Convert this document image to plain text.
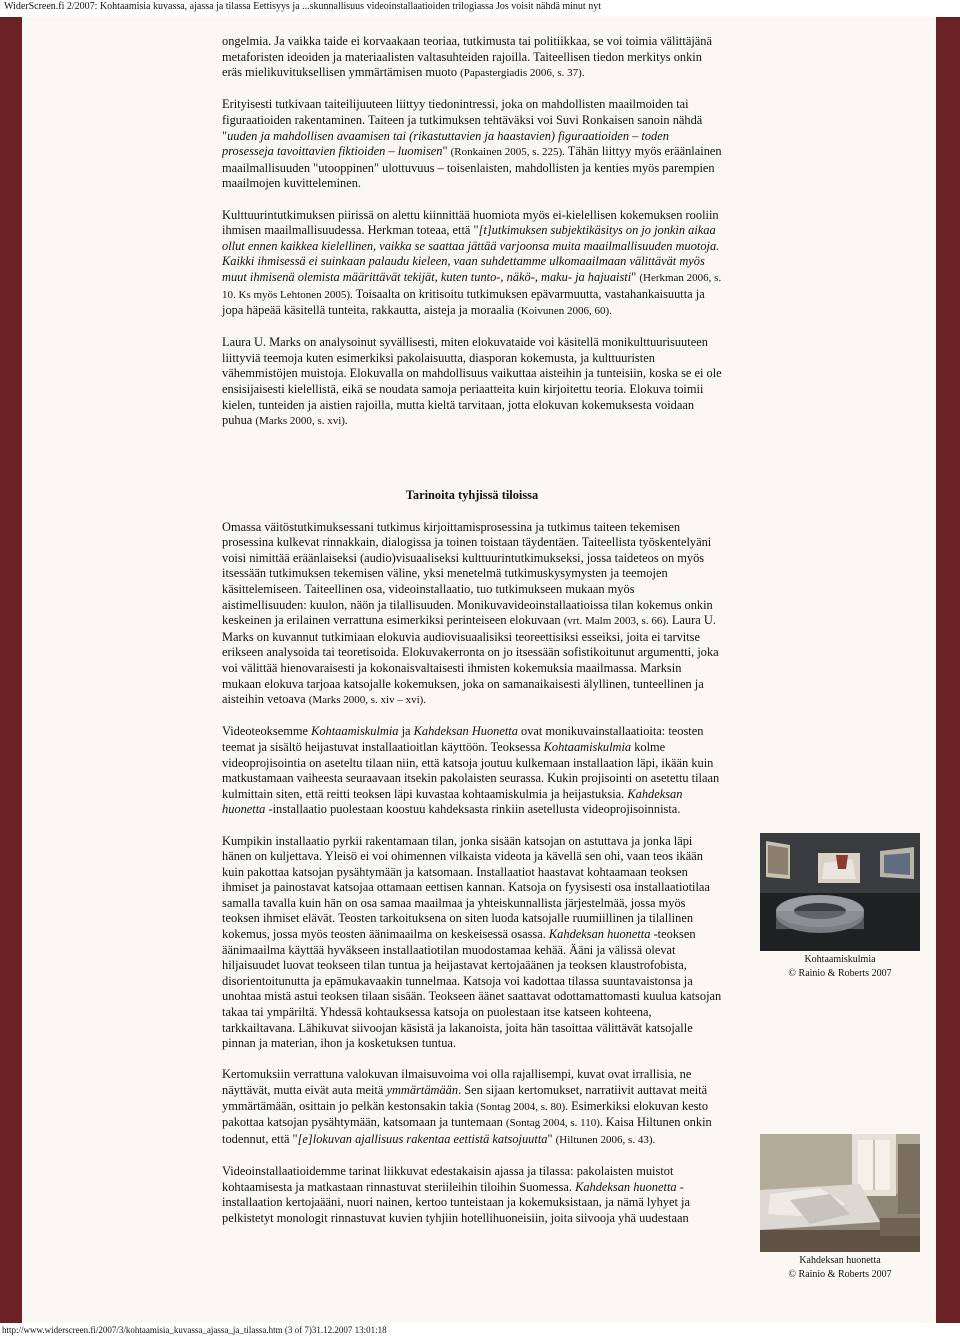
WiderScreen.fi 2/2007: Kohtaamisia kuvassa, ajassa ja tilassa Eettisyys ja ...skunnallisuus videoinstallaatioiden trilogiassa Jos voisit nähdä minut nyt

ongelmia. Ja vaikka taide ei korvaakaan teoriaa, tutkimusta tai politiikkaa, se voi toimia välittäjänä metaforisten ideoiden ja materiaalisten valtasuhteiden rajoilla. Taiteellisen tiedon merkitys onkin eräs mielikuvituksellisen ymmärtämisen muoto (Papastergiadis 2006, s. 37).

Erityisesti tutkivaan taiteilijuuteen liittyy tiedonintressi, joka on mahdollisten maailmoiden tai figuraatioiden rakentaminen. Taiteen ja tutkimuksen tehtäväksi voi Suvi Ronkaisen sanoin nähdä "uuden ja mahdollisen avaamisen tai (rikastuttavien ja haastavien) figuraatioiden – toden prosesseja tavoittavien fiktioiden – luomisen" (Ronkainen 2005, s. 225). Tähän liittyy myös eräänlainen maailmallisuuden "utooppinen" ulottuvuus – toisenlaisten, mahdollisten ja kenties myös parempien maailmojen kuvitteleminen.

Kulttuurintutkimuksen piirissä on alettu kiinnittää huomiota myös ei-kielellisen kokemuksen rooliin ihmisen maailmallisuudessa. Herkman toteaa, että "[t]utkimuksen subjektikäsitys on jo jonkin aikaa ollut ennen kaikkea kielellinen, vaikka se saattaa jättää varjoonsa muita maailmallisuuden muotoja. Kaikki ihmisessä ei suinkaan palaudu kieleen, vaan suhdettamme ulkomaailmaan välittävät myös muut ihmisenä olemista määrittävät tekijät, kuten tunto-, näkö-, maku- ja hajuaisti" (Herkman 2006, s. 10. Ks myös Lehtonen 2005). Toisaalta on kritisoitu tutkimuksen epävarmuutta, vastahankaisuutta ja jopa häpeää käsitellä tunteita, rakkautta, aisteja ja moraalia (Koivunen 2006, 60).

Laura U. Marks on analysoinut syvällisesti, miten elokuvataide voi käsitellä monikulttuurisuuteen liittyviä teemoja kuten esimerkiksi pakolaisuutta, diasporan kokemusta, ja kulttuuristen vähemmistöjen muistoja. Elokuvalla on mahdollisuus vaikuttaa aisteihin ja tunteisiin, koska se ei ole ensisijaisesti kielellistä, eikä se noudata samoja periaatteita kuin kirjoitettu teoria. Elokuva toimii kielen, tunteiden ja aistien rajoilla, mutta kieltä tarvitaan, jotta elokuvan kokemuksesta voidaan puhua (Marks 2000, s. xvi).

Tarinoita tyhjissä tiloissa

Omassa väitöstutkimuksessani tutkimus kirjoittamisprosessina ja tutkimus taiteen tekemisen prosessina kulkevat rinnakkain, dialogissa ja toinen toistaan täydentäen. Taiteellista työskentelyäni voisi nimittää eräänlaiseksi (audio)visuaaliseksi kulttuurintutkimukseksi, jossa taideteos on myös itsessään tutkimuksen tekemisen väline, yksi menetelmä tutkimuskysymysten ja teemojen käsittelemiseen. Taiteellinen osa, videoinstallaatio, tuo tutkimukseen mukaan myös aistimellisuuden: kuulon, näön ja tilallisuuden. Monikuvavideoinstallaatioissa tilan kokemus onkin keskeinen ja erilainen verrattuna esimerkiksi perinteiseen elokuvaan (vrt. Malm 2003, s. 66). Laura U. Marks on kuvannut tutkimiaan elokuvia audiovisuaalisiksi teoreettisiksi esseiksi, joita ei tarvitse erikseen analysoida tai teoretisoida. Elokuvakerronta on jo itsessään sofistikoitunut argumentti, joka voi välittää hienovaraisesti ja kokonaisvaltaisesti ihmisten kokemuksia maailmassa. Marksin mukaan elokuva tarjoaa katsojalle kokemuksen, joka on samanaikaisesti älyllinen, tunteellinen ja aisteihin vetoava (Marks 2000, s. xiv – xvi).

Videoteoksemme Kohtaamiskulmia ja Kahdeksan Huonetta ovat monikuvainstallaatioita: teosten teemat ja sisältö heijastuvat installaatioitlan käyttöön. Teoksessa Kohtaamiskulmia kolme videoprojisointia on aseteltu tilaan niin, että katsoja joutuu kulkemaan installaation läpi, ikään kuin matkustamaan vaiheesta seuraavaan itsekin pakolaisten seurassa. Kukin projisointi on asetettu tilaan kulmittain siten, että reitti teoksen läpi kuvastaa kohtaamiskulmia ja heijastuksia. Kahdeksan huonetta -installaatio puolestaan koostuu kahdeksasta rinkiin asetellusta videoprojisoinnista.

Kumpikin installaatio pyrkii rakentamaan tilan, jonka sisään katsojan on astuttava ja jonka läpi hänen on kuljettava. Yleisö ei voi ohimennen vilkaista videota ja kävellä sen ohi, vaan teos ikään kuin pakottaa katsojan pysähtymään ja katsomaan. Installaatiot haastavat kohtaamaan teoksen ihmiset ja painostavat katsojaa ottamaan eettisen kannan. Katsoja on fyysisesti osa installaatiotilaa samalla tavalla kuin hän on osa samaa maailmaa ja yhteiskunnallista järjestelmää, jossa myös teoksen ihmiset elävät. Teosten tarkoituksena on siten luoda katsojalle ruumiillinen ja tilallinen kokemus, jossa myös teosten äänimaailma on keskeisessä osassa. Kahdeksan huonetta -teoksen äänimaailma käyttää hyväkseen installaatiotilan muodostamaa kehää. Ääni ja välissä olevat hiljaisuudet luovat teokseen tilan tuntua ja heijastavat kertojaäänen ja teoksen klaustrofobista, disorientoitunutta ja epämukavaakin tunnelmaa. Katsoja voi kadottaa tilassa suuntavaistonsa ja unohtaa mistä astui teoksen tilaan sisään. Teokseen äänet saattavat odottamattomasti kuulua katsojan takaa tai ympäriltä. Yhdessä kohtauksessa katsoja on puolestaan itse katseen kohteena, tarkkailtavana. Lähikuvat siivoojan käsistä ja lakanoista, joita hän tasoittaa välittävät katsojalle pinnan ja materian, ihon ja kosketuksen tuntua.

Kertomuksiin verrattuna valokuvan ilmaisuvoima voi olla rajallisempi, kuvat ovat irrallisia, ne näyttävät, mutta eivät auta meitä ymmärtämään. Sen sijaan kertomukset, narratiivit auttavat meitä ymmärtämään, osittain jo pelkän kestonsakin takia (Sontag 2004, s. 80). Esimerkiksi elokuvan kesto pakottaa katsojan pysähtymään, katsomaan ja tuntemaan (Sontag 2004, s. 110). Kaisa Hiltunen onkin todennut, että "[e]lokuvan ajallisuus rakentaa eettistä katsojuutta" (Hiltunen 2006, s. 43).

Videoinstallaatioidemme tarinat liikkuvat edestakaisin ajassa ja tilassa: pakolaisten muistot kohtaamisesta ja matkastaan rinnastuvat steriileihin tiloihin Suomessa. Kahdeksan huonetta - installaation kertojaääni, nuori nainen, kertoo tunteistaan ja kokemuksistaan, ja nämä lyhyet ja pelkistetyt monologit rinnastuvat kuvien tyhjiin hotellihuoneisiin, joita siivooja yhä uudestaan

Kohtaamiskulmia
© Rainio & Roberts 2007
Kahdeksan huonetta
© Rainio & Roberts 2007
http://www.widerscreen.fi/2007/3/kohtaamisia_kuvassa_ajassa_ja_tilassa.htm (3 of 7)31.12.2007 13:01:18
